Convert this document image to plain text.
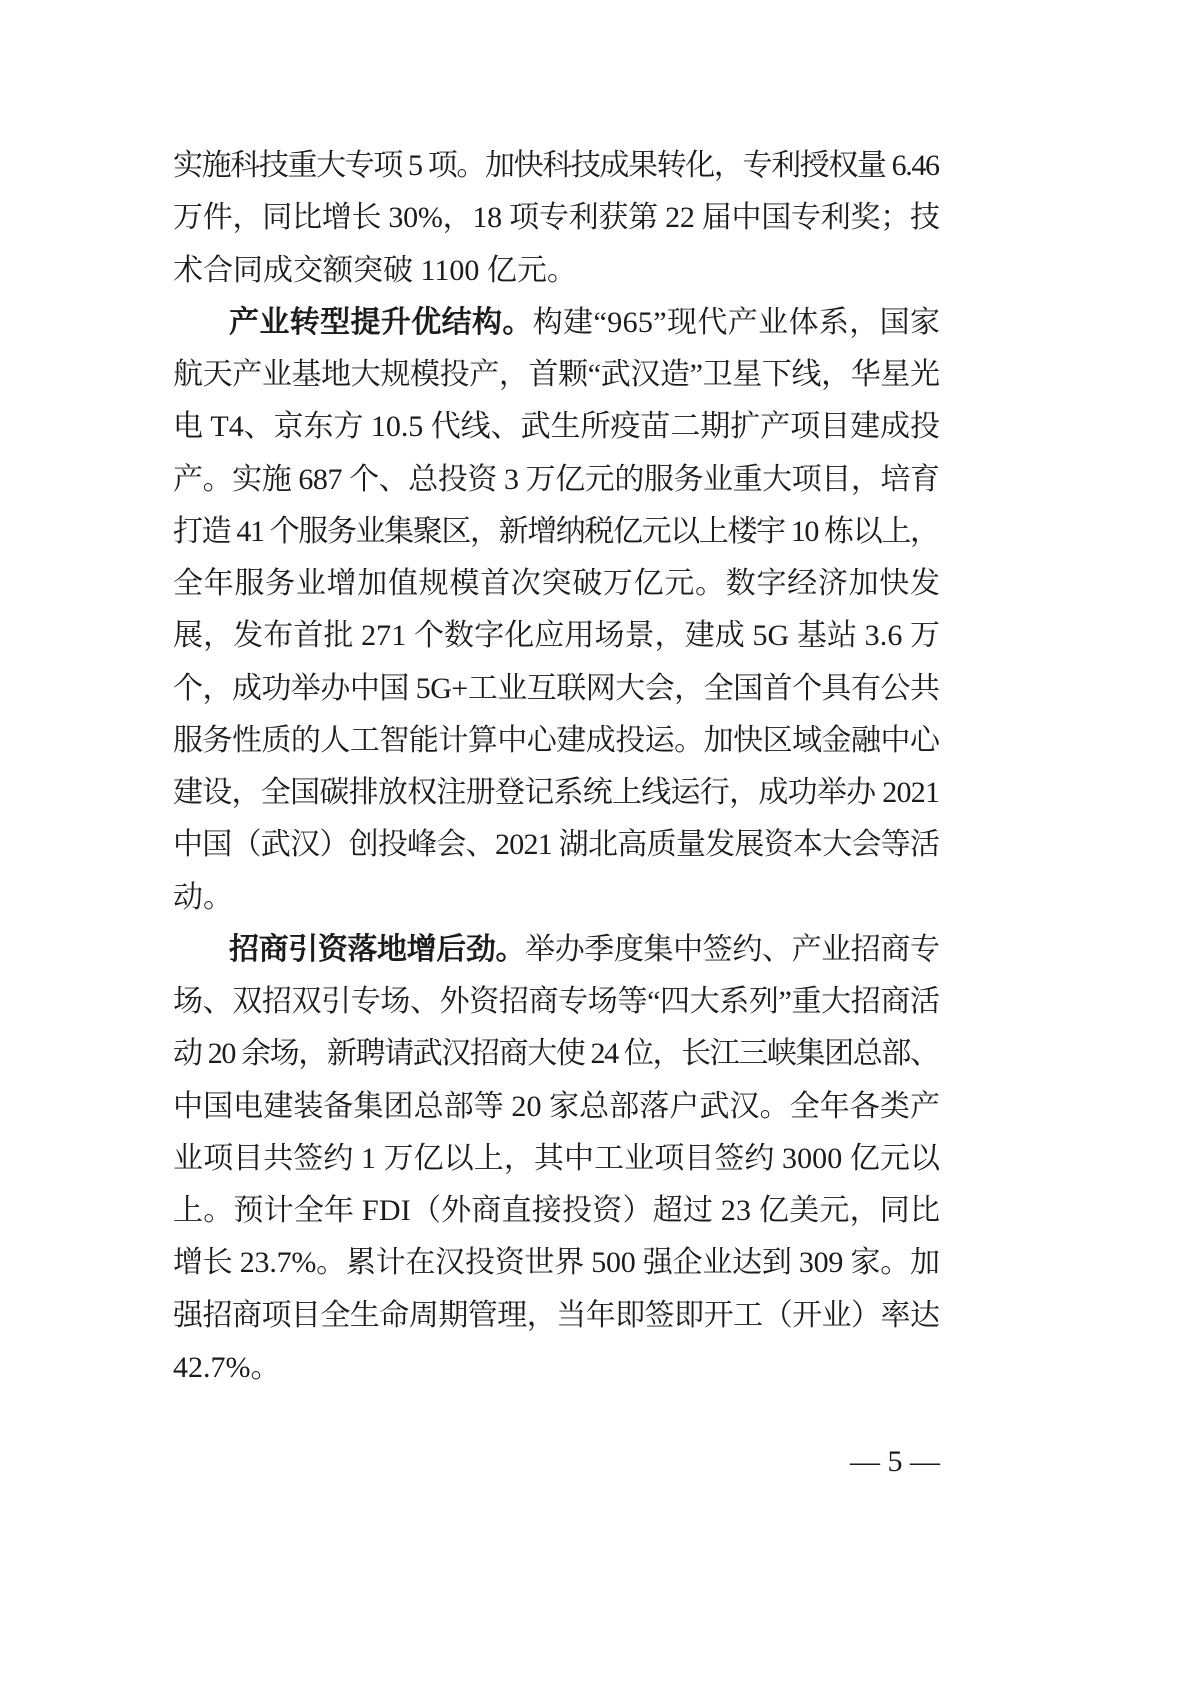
实施科技重大专项 5 项。加快科技成果转化，专利授权量 6.46
万件，同比增长 30%，18 项专利获第 22 届中国专利奖；技
术合同成交额突破 1100 亿元。
产业转型提升优结构。构建“965”现代产业体系，国家
航天产业基地大规模投产，首颗“武汉造”卫星下线，华星光
电 T4、京东方 10.5 代线、武生所疫苗二期扩产项目建成投
产。实施 687 个、总投资 3 万亿元的服务业重大项目，培育
打造 41 个服务业集聚区，新增纳税亿元以上楼宇 10 栋以上，
全年服务业增加值规模首次突破万亿元。数字经济加快发
展，发布首批 271 个数字化应用场景，建成 5G 基站 3.6 万
个，成功举办中国 5G+工业互联网大会，全国首个具有公共
服务性质的人工智能计算中心建成投运。加快区域金融中心
建设，全国碳排放权注册登记系统上线运行，成功举办 2021
中国（武汉）创投峰会、2021 湖北高质量发展资本大会等活
动。
招商引资落地增后劲。举办季度集中签约、产业招商专
场、双招双引专场、外资招商专场等“四大系列”重大招商活
动 20 余场，新聘请武汉招商大使 24 位，长江三峡集团总部、
中国电建装备集团总部等 20 家总部落户武汉。全年各类产
业项目共签约 1 万亿以上，其中工业项目签约 3000 亿元以
上。预计全年 FDI（外商直接投资）超过 23 亿美元，同比
增长 23.7%。累计在汉投资世界 500 强企业达到 309 家。加
强招商项目全生命周期管理，当年即签即开工（开业）率达
42.7%。
— 5 —
